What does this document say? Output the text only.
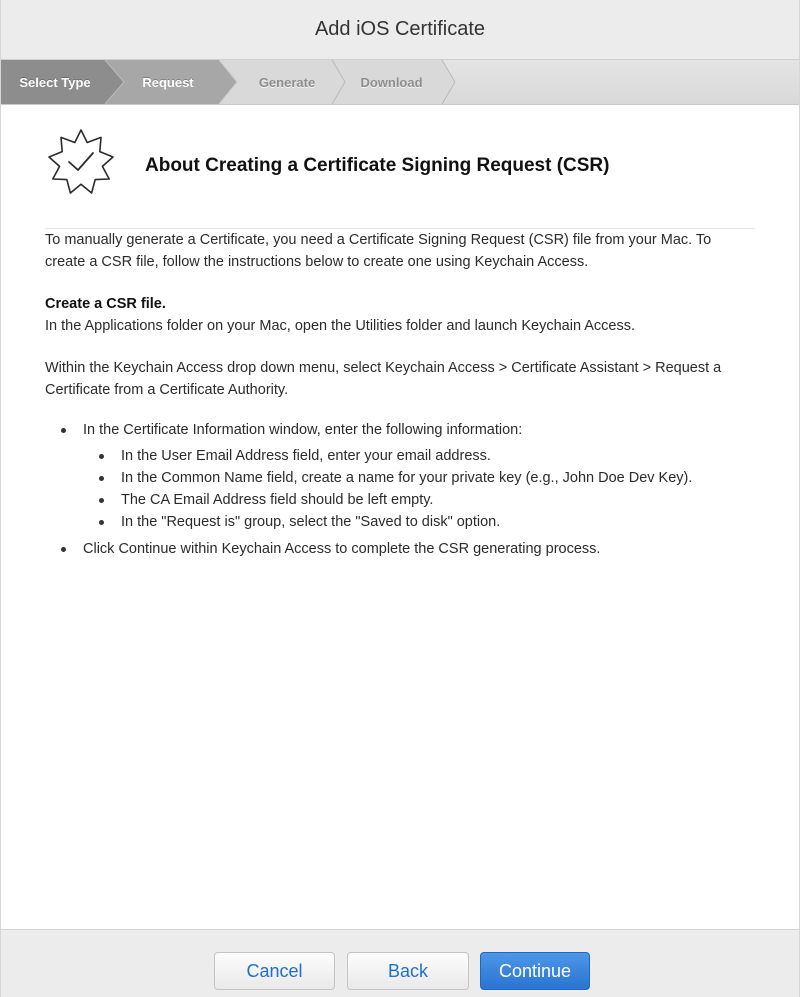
Add iOS Certificate
Download
Generate
Request
Select Type
About Creating a Certificate Signing Request (CSR)

To manually generate a Certificate, you need a Certificate Signing Request (CSR) file from your Mac. To create a CSR file, follow the instructions below to create one using Keychain Access.

Create a CSR file.

In the Applications folder on your Mac, open the Utilities folder and launch Keychain Access.

Within the Keychain Access drop down menu, select Keychain Access > Certificate Assistant > Request a Certificate from a Certificate Authority.

In the Certificate Information window, enter the following information:
In the User Email Address field, enter your email address.
In the Common Name field, create a name for your private key (e.g., John Doe Dev Key).
The CA Email Address field should be left empty.
In the "Request is" group, select the "Saved to disk" option.
Click Continue within Keychain Access to complete the CSR generating process.
Cancel	Back	Continue
